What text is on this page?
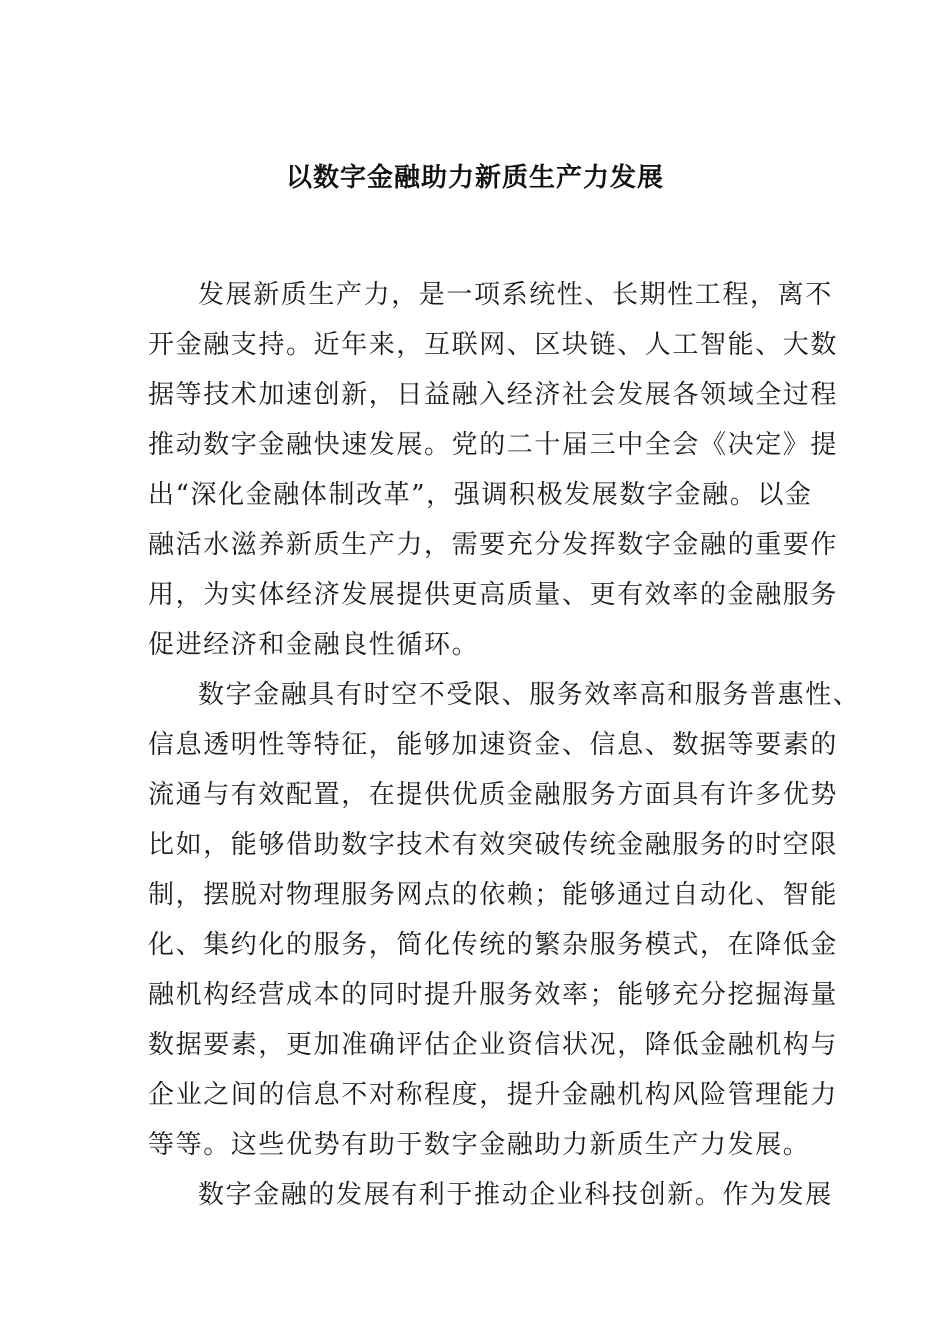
以数字金融助力新质生产力发展
发展新质生产力，是一项系统性、长期性工程，离不
开金融支持。近年来，互联网、区块链、人工智能、大数
据等技术加速创新，日益融入经济社会发展各领域全过程
推动数字金融快速发展。党的二十届三中全会《决定》提
出“深化金融体制改革”，强调积极发展数字金融。以金
融活水滋养新质生产力，需要充分发挥数字金融的重要作
用，为实体经济发展提供更高质量、更有效率的金融服务
促进经济和金融良性循环。
数字金融具有时空不受限、服务效率高和服务普惠性、
信息透明性等特征，能够加速资金、信息、数据等要素的
流通与有效配置，在提供优质金融服务方面具有许多优势
比如，能够借助数字技术有效突破传统金融服务的时空限
制，摆脱对物理服务网点的依赖；能够通过自动化、智能
化、集约化的服务，简化传统的繁杂服务模式，在降低金
融机构经营成本的同时提升服务效率；能够充分挖掘海量
数据要素，更加准确评估企业资信状况，降低金融机构与
企业之间的信息不对称程度，提升金融机构风险管理能力
等等。这些优势有助于数字金融助力新质生产力发展。
数字金融的发展有利于推动企业科技创新。作为发展
